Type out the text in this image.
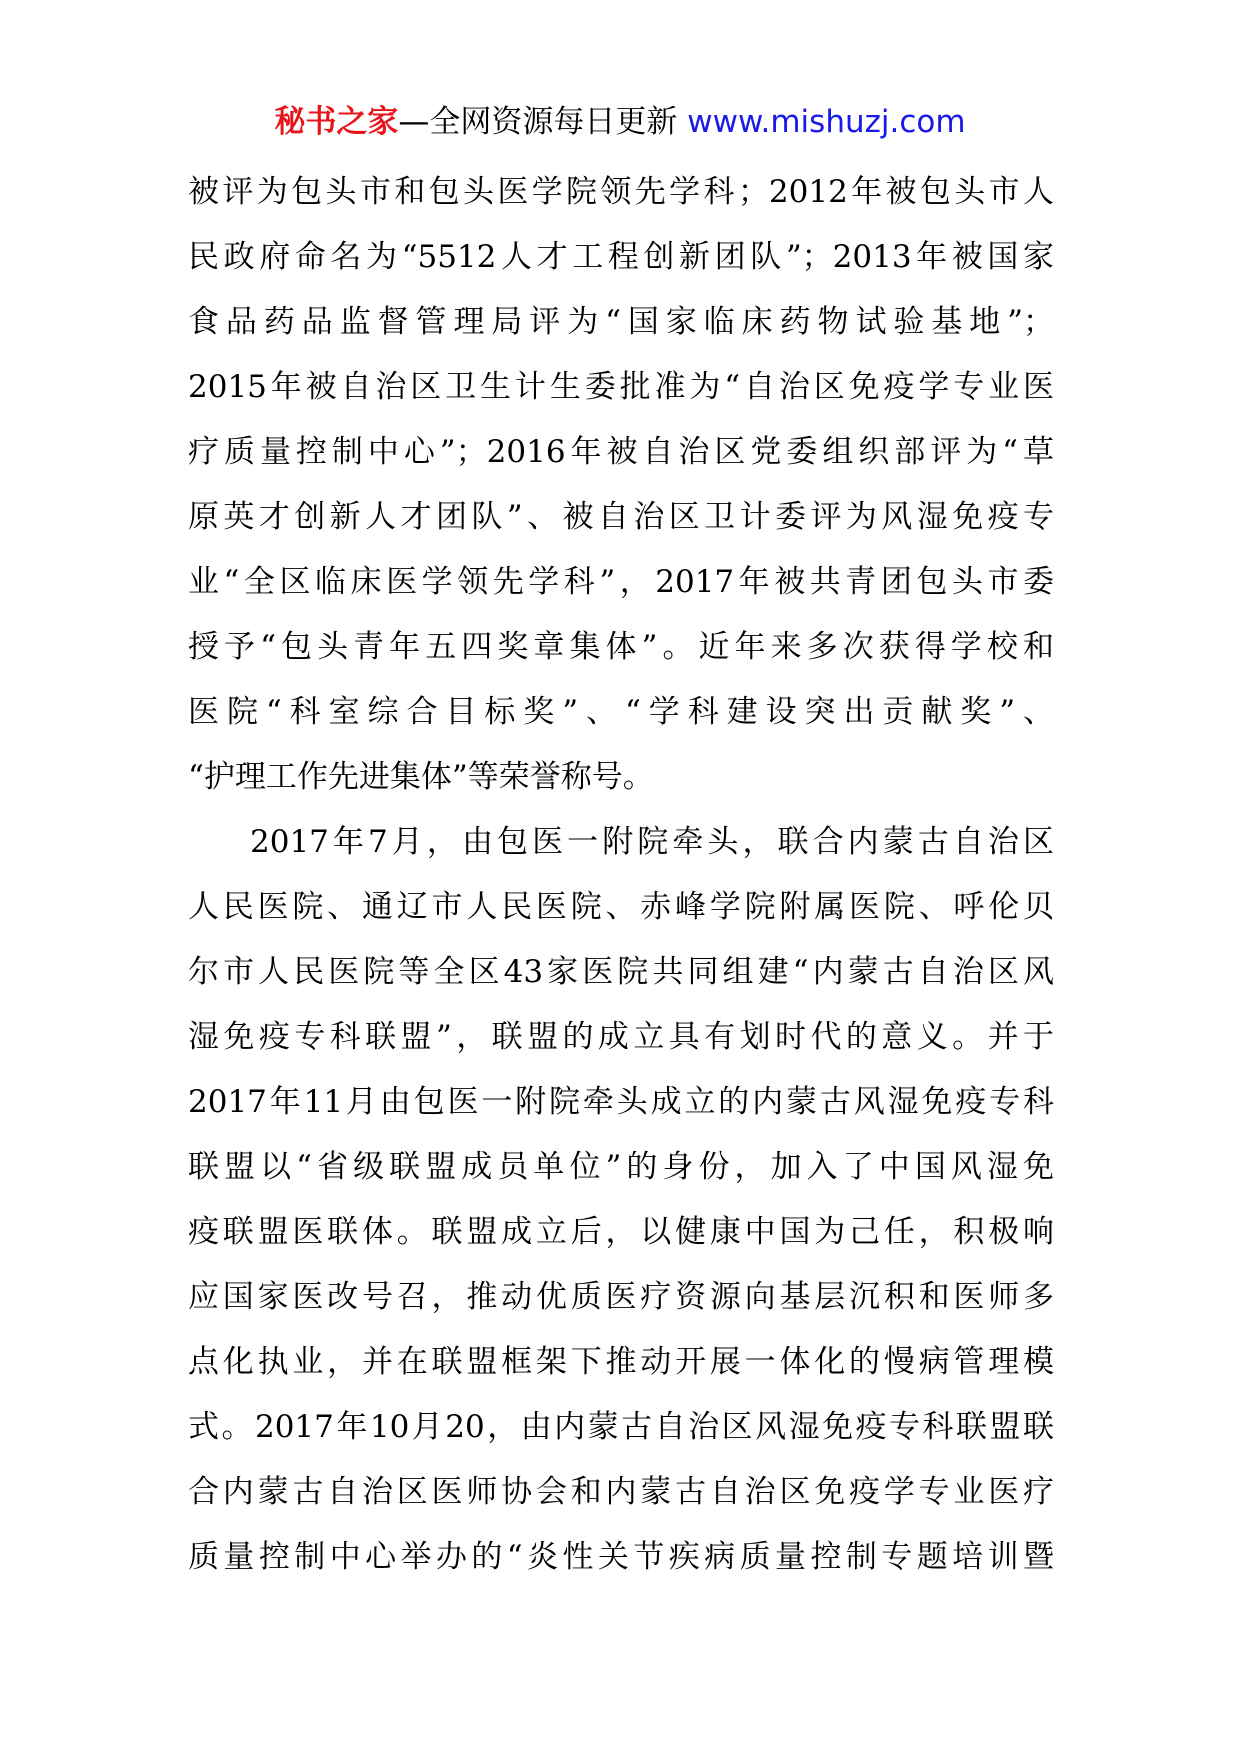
秘书之家—全网资源每日更新 www.mishuzj.com
被评为包头市和包头医学院领先学科；2012年被包头市人
民政府命名为“5512人才工程创新团队”；2013年被国家
食品药品监督管理局评为“国家临床药物试验基地”；
2015年被自治区卫生计生委批准为“自治区免疫学专业医
疗质量控制中心”；2016年被自治区党委组织部评为“草
原英才创新人才团队”、被自治区卫计委评为风湿免疫专
业“全区临床医学领先学科”，2017年被共青团包头市委
授予“包头青年五四奖章集体”。近年来多次获得学校和
医院“科室综合目标奖”、“学科建设突出贡献奖”、
“护理工作先进集体”等荣誉称号。
2017年7月，由包医一附院牵头，联合内蒙古自治区
人民医院、通辽市人民医院、赤峰学院附属医院、呼伦贝
尔市人民医院等全区43家医院共同组建“内蒙古自治区风
湿免疫专科联盟”，联盟的成立具有划时代的意义。并于
2017年11月由包医一附院牵头成立的内蒙古风湿免疫专科
联盟以“省级联盟成员单位”的身份，加入了中国风湿免
疫联盟医联体。联盟成立后，以健康中国为己任，积极响
应国家医改号召，推动优质医疗资源向基层沉积和医师多
点化执业，并在联盟框架下推动开展一体化的慢病管理模
式。2017年10月20，由内蒙古自治区风湿免疫专科联盟联
合内蒙古自治区医师协会和内蒙古自治区免疫学专业医疗
质量控制中心举办的“炎性关节疾病质量控制专题培训暨
